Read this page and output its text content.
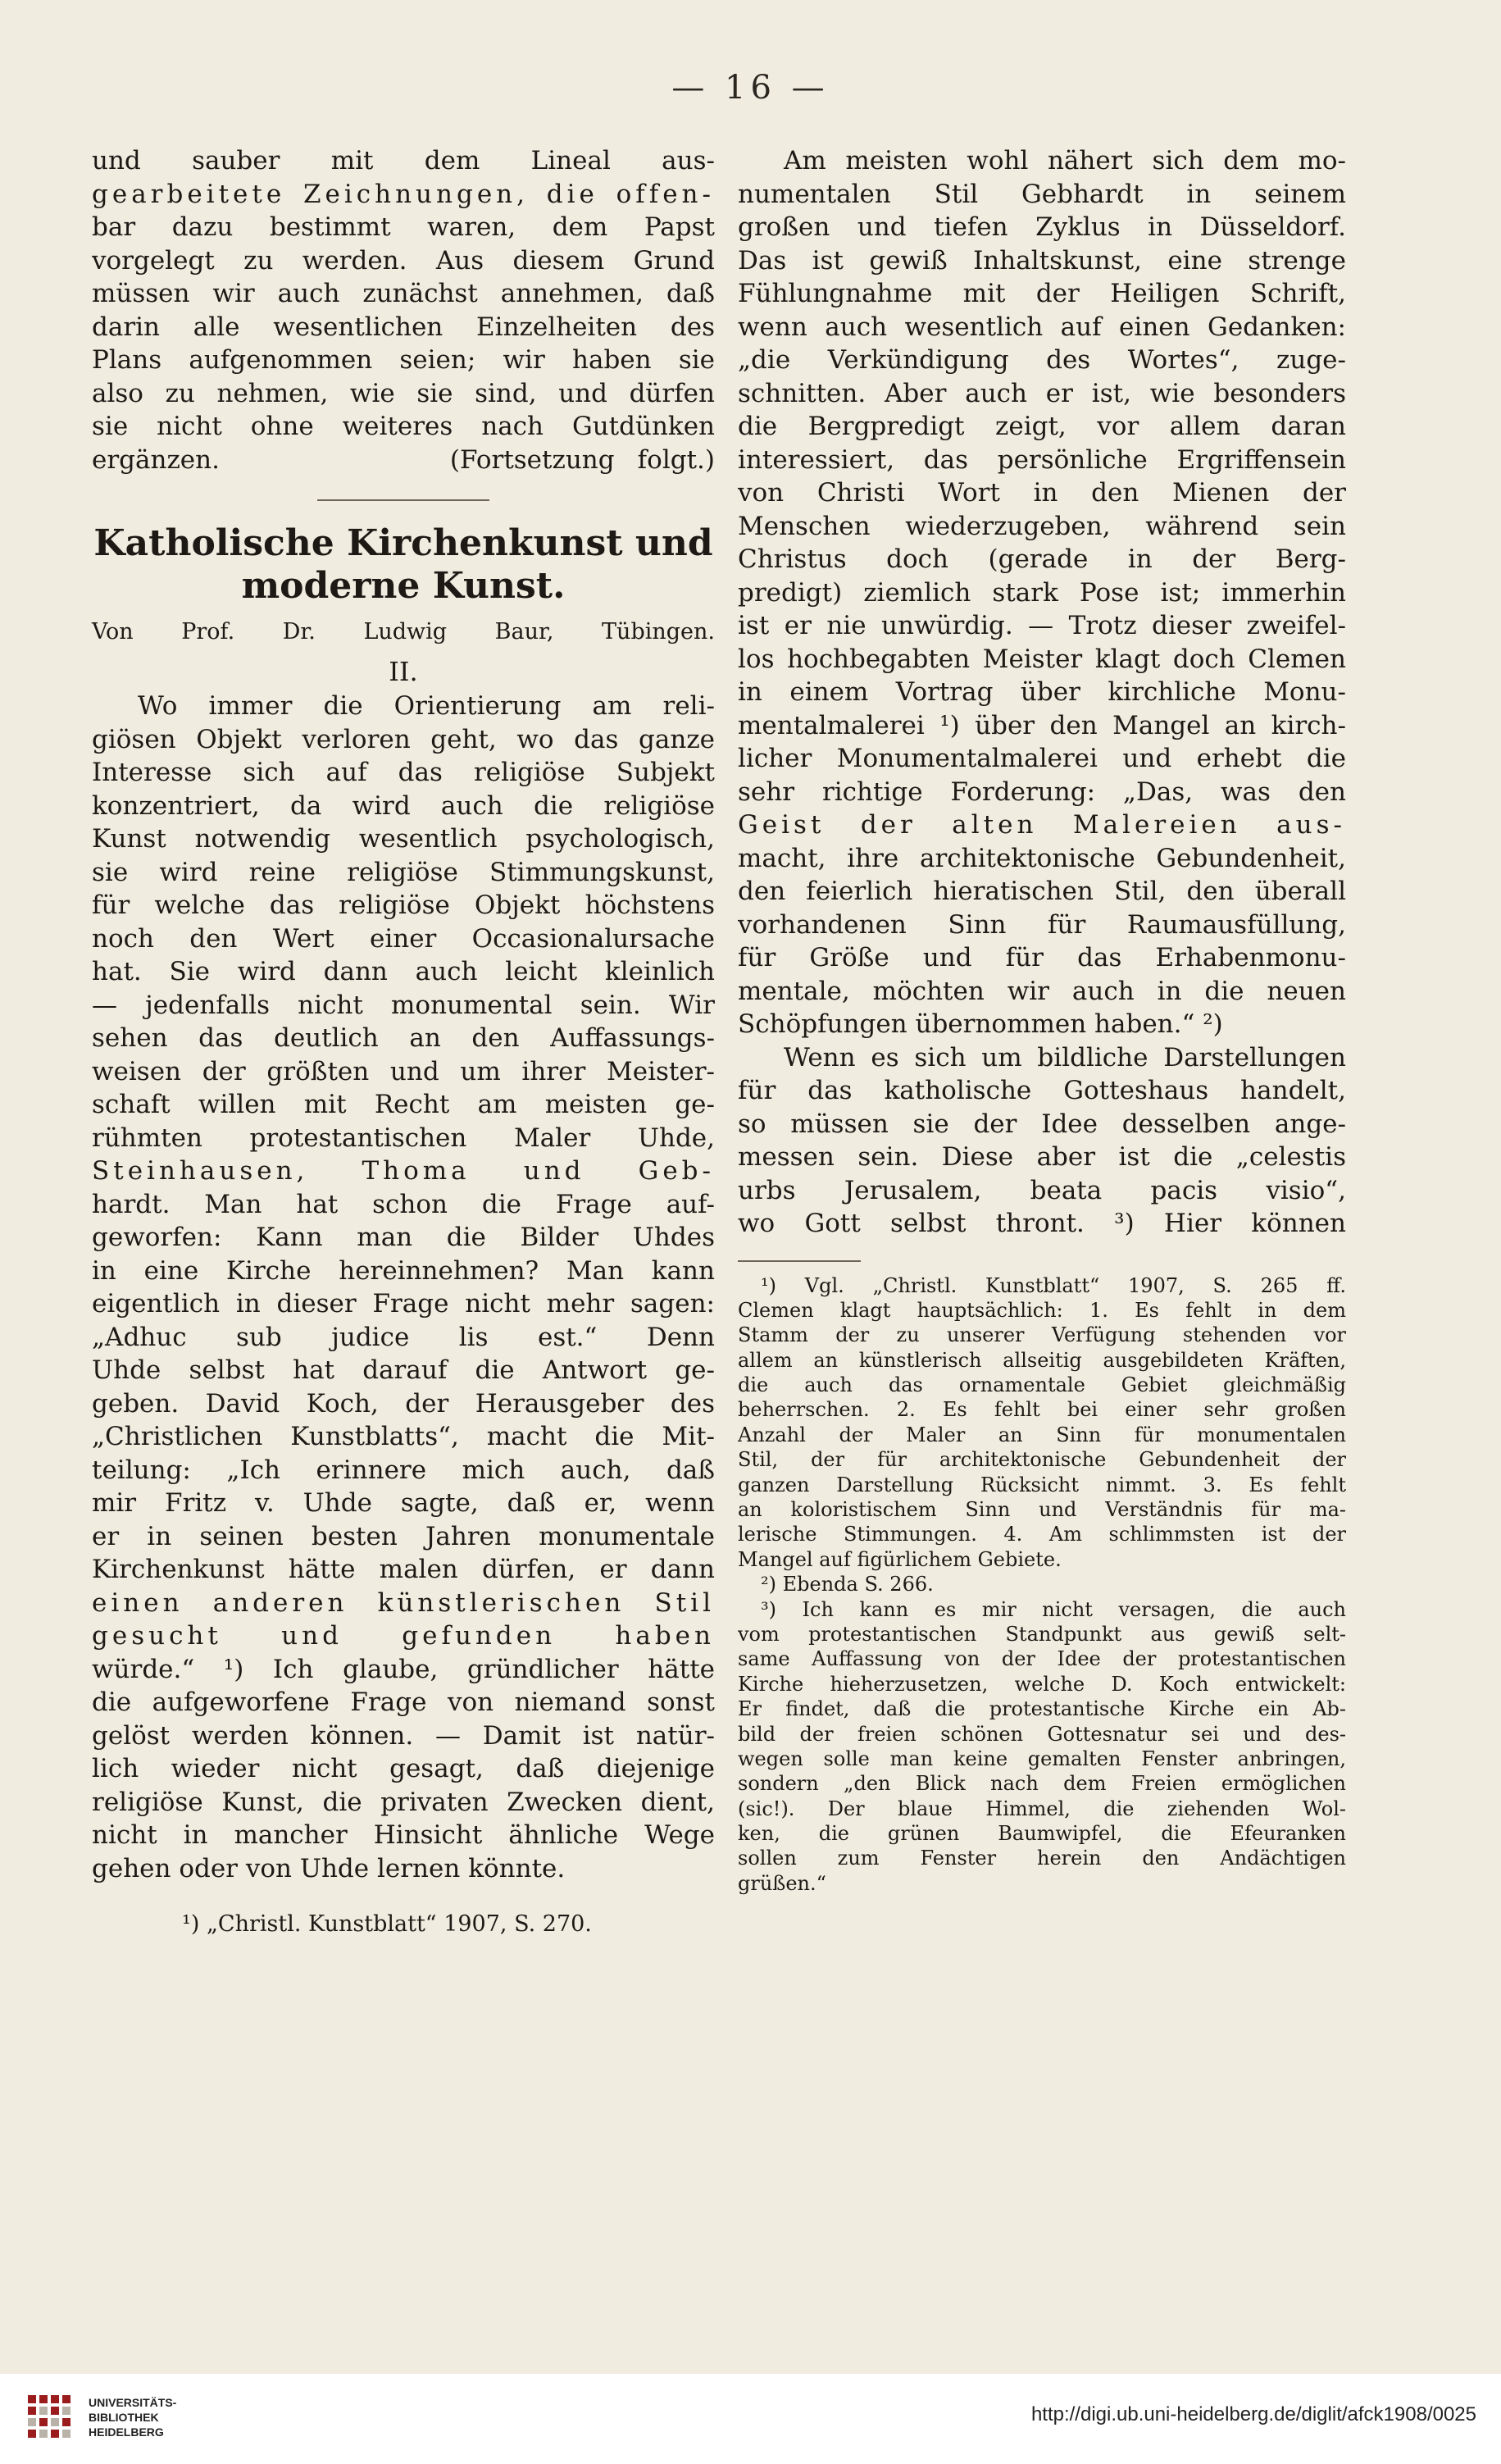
— 16 —
und sauber mit dem Lineal aus-
gearbeitete Zeichnungen, die offen-
bar dazu bestimmt waren, dem Papst
vorgelegt zu werden. Aus diesem Grund
müssen wir auch zunächst annehmen, daß
darin alle wesentlichen Einzelheiten des
Plans aufgenommen seien; wir haben sie
also zu nehmen, wie sie sind, und dürfen
sie nicht ohne weiteres nach Gutdünken
ergänzen.          (Fortsetzung folgt.)
Katholische Kirchenkunst und
moderne Kunst.
Von Prof. Dr. Ludwig Baur, Tübingen.
II.
Wo immer die Orientierung am reli-
giösen Objekt verloren geht, wo das ganze
Interesse sich auf das religiöse Subjekt
konzentriert, da wird auch die religiöse
Kunst notwendig wesentlich psychologisch,
sie wird reine religiöse Stimmungskunst,
für welche das religiöse Objekt höchstens
noch den Wert einer Occasionalursache
hat. Sie wird dann auch leicht kleinlich
— jedenfalls nicht monumental sein. Wir
sehen das deutlich an den Auffassungs-
weisen der größten und um ihrer Meister-
schaft willen mit Recht am meisten ge-
rühmten protestantischen Maler Uhde,
Steinhausen, Thoma und Geb-
hardt. Man hat schon die Frage auf-
geworfen: Kann man die Bilder Uhdes
in eine Kirche hereinnehmen? Man kann
eigentlich in dieser Frage nicht mehr sagen:
„Adhuc sub judice lis est.“ Denn
Uhde selbst hat darauf die Antwort ge-
geben. David Koch, der Herausgeber des
„Christlichen Kunstblatts“, macht die Mit-
teilung: „Ich erinnere mich auch, daß
mir Fritz v. Uhde sagte, daß er, wenn
er in seinen besten Jahren monumentale
Kirchenkunst hätte malen dürfen, er dann
einen anderen künstlerischen Stil
gesucht und gefunden haben
würde.“ ¹) Ich glaube, gründlicher hätte
die aufgeworfene Frage von niemand sonst
gelöst werden können. — Damit ist natür-
lich wieder nicht gesagt, daß diejenige
religiöse Kunst, die privaten Zwecken dient,
nicht in mancher Hinsicht ähnliche Wege
gehen oder von Uhde lernen könnte.
¹) „Christl. Kunstblatt“ 1907, S. 270.
Am meisten wohl nähert sich dem mo-
numentalen Stil Gebhardt in seinem
großen und tiefen Zyklus in Düsseldorf.
Das ist gewiß Inhaltskunst, eine strenge
Fühlungnahme mit der Heiligen Schrift,
wenn auch wesentlich auf einen Gedanken:
„die Verkündigung des Wortes“, zuge-
schnitten. Aber auch er ist, wie besonders
die Bergpredigt zeigt, vor allem daran
interessiert, das persönliche Ergriffensein
von Christi Wort in den Mienen der
Menschen wiederzugeben, während sein
Christus doch (gerade in der Berg-
predigt) ziemlich stark Pose ist; immerhin
ist er nie unwürdig. — Trotz dieser zweifel-
los hochbegabten Meister klagt doch Clemen
in einem Vortrag über kirchliche Monu-
mentalmalerei ¹) über den Mangel an kirch-
licher Monumentalmalerei und erhebt die
sehr richtige Forderung: „Das, was den
Geist der alten Malereien aus-
macht, ihre architektonische Gebundenheit,
den feierlich hieratischen Stil, den überall
vorhandenen Sinn für Raumausfüllung,
für Größe und für das Erhabenmonu-
mentale, möchten wir auch in die neuen
Schöpfungen übernommen haben.“ ²)
Wenn es sich um bildliche Darstellungen
für das katholische Gotteshaus handelt,
so müssen sie der Idee desselben ange-
messen sein. Diese aber ist die „celestis
urbs Jerusalem, beata pacis visio“,
wo Gott selbst thront. ³) Hier können
¹) Vgl. „Christl. Kunstblatt“ 1907, S. 265 ff.
Clemen klagt hauptsächlich: 1. Es fehlt in dem
Stamm der zu unserer Verfügung stehenden vor
allem an künstlerisch allseitig ausgebildeten Kräften,
die auch das ornamentale Gebiet gleichmäßig
beherrschen. 2. Es fehlt bei einer sehr großen
Anzahl der Maler an Sinn für monumentalen
Stil, der für architektonische Gebundenheit der
ganzen Darstellung Rücksicht nimmt. 3. Es fehlt
an koloristischem Sinn und Verständnis für ma-
lerische Stimmungen. 4. Am schlimmsten ist der
Mangel auf figürlichem Gebiete.
²) Ebenda S. 266.
³) Ich kann es mir nicht versagen, die auch
vom protestantischen Standpunkt aus gewiß selt-
same Auffassung von der Idee der protestantischen
Kirche hieherzusetzen, welche D. Koch entwickelt:
Er findet, daß die protestantische Kirche ein Ab-
bild der freien schönen Gottesnatur sei und des-
wegen solle man keine gemalten Fenster anbringen,
sondern „den Blick nach dem Freien ermöglichen
(sic!). Der blaue Himmel, die ziehenden Wol-
ken, die grünen Baumwipfel, die Efeuranken
sollen zum Fenster herein den Andächtigen
grüßen.“
UNIVERSITÄTS-
BIBLIOTHEK
HEIDELBERG
http://digi.ub.uni-heidelberg.de/diglit/afck1908/0025
